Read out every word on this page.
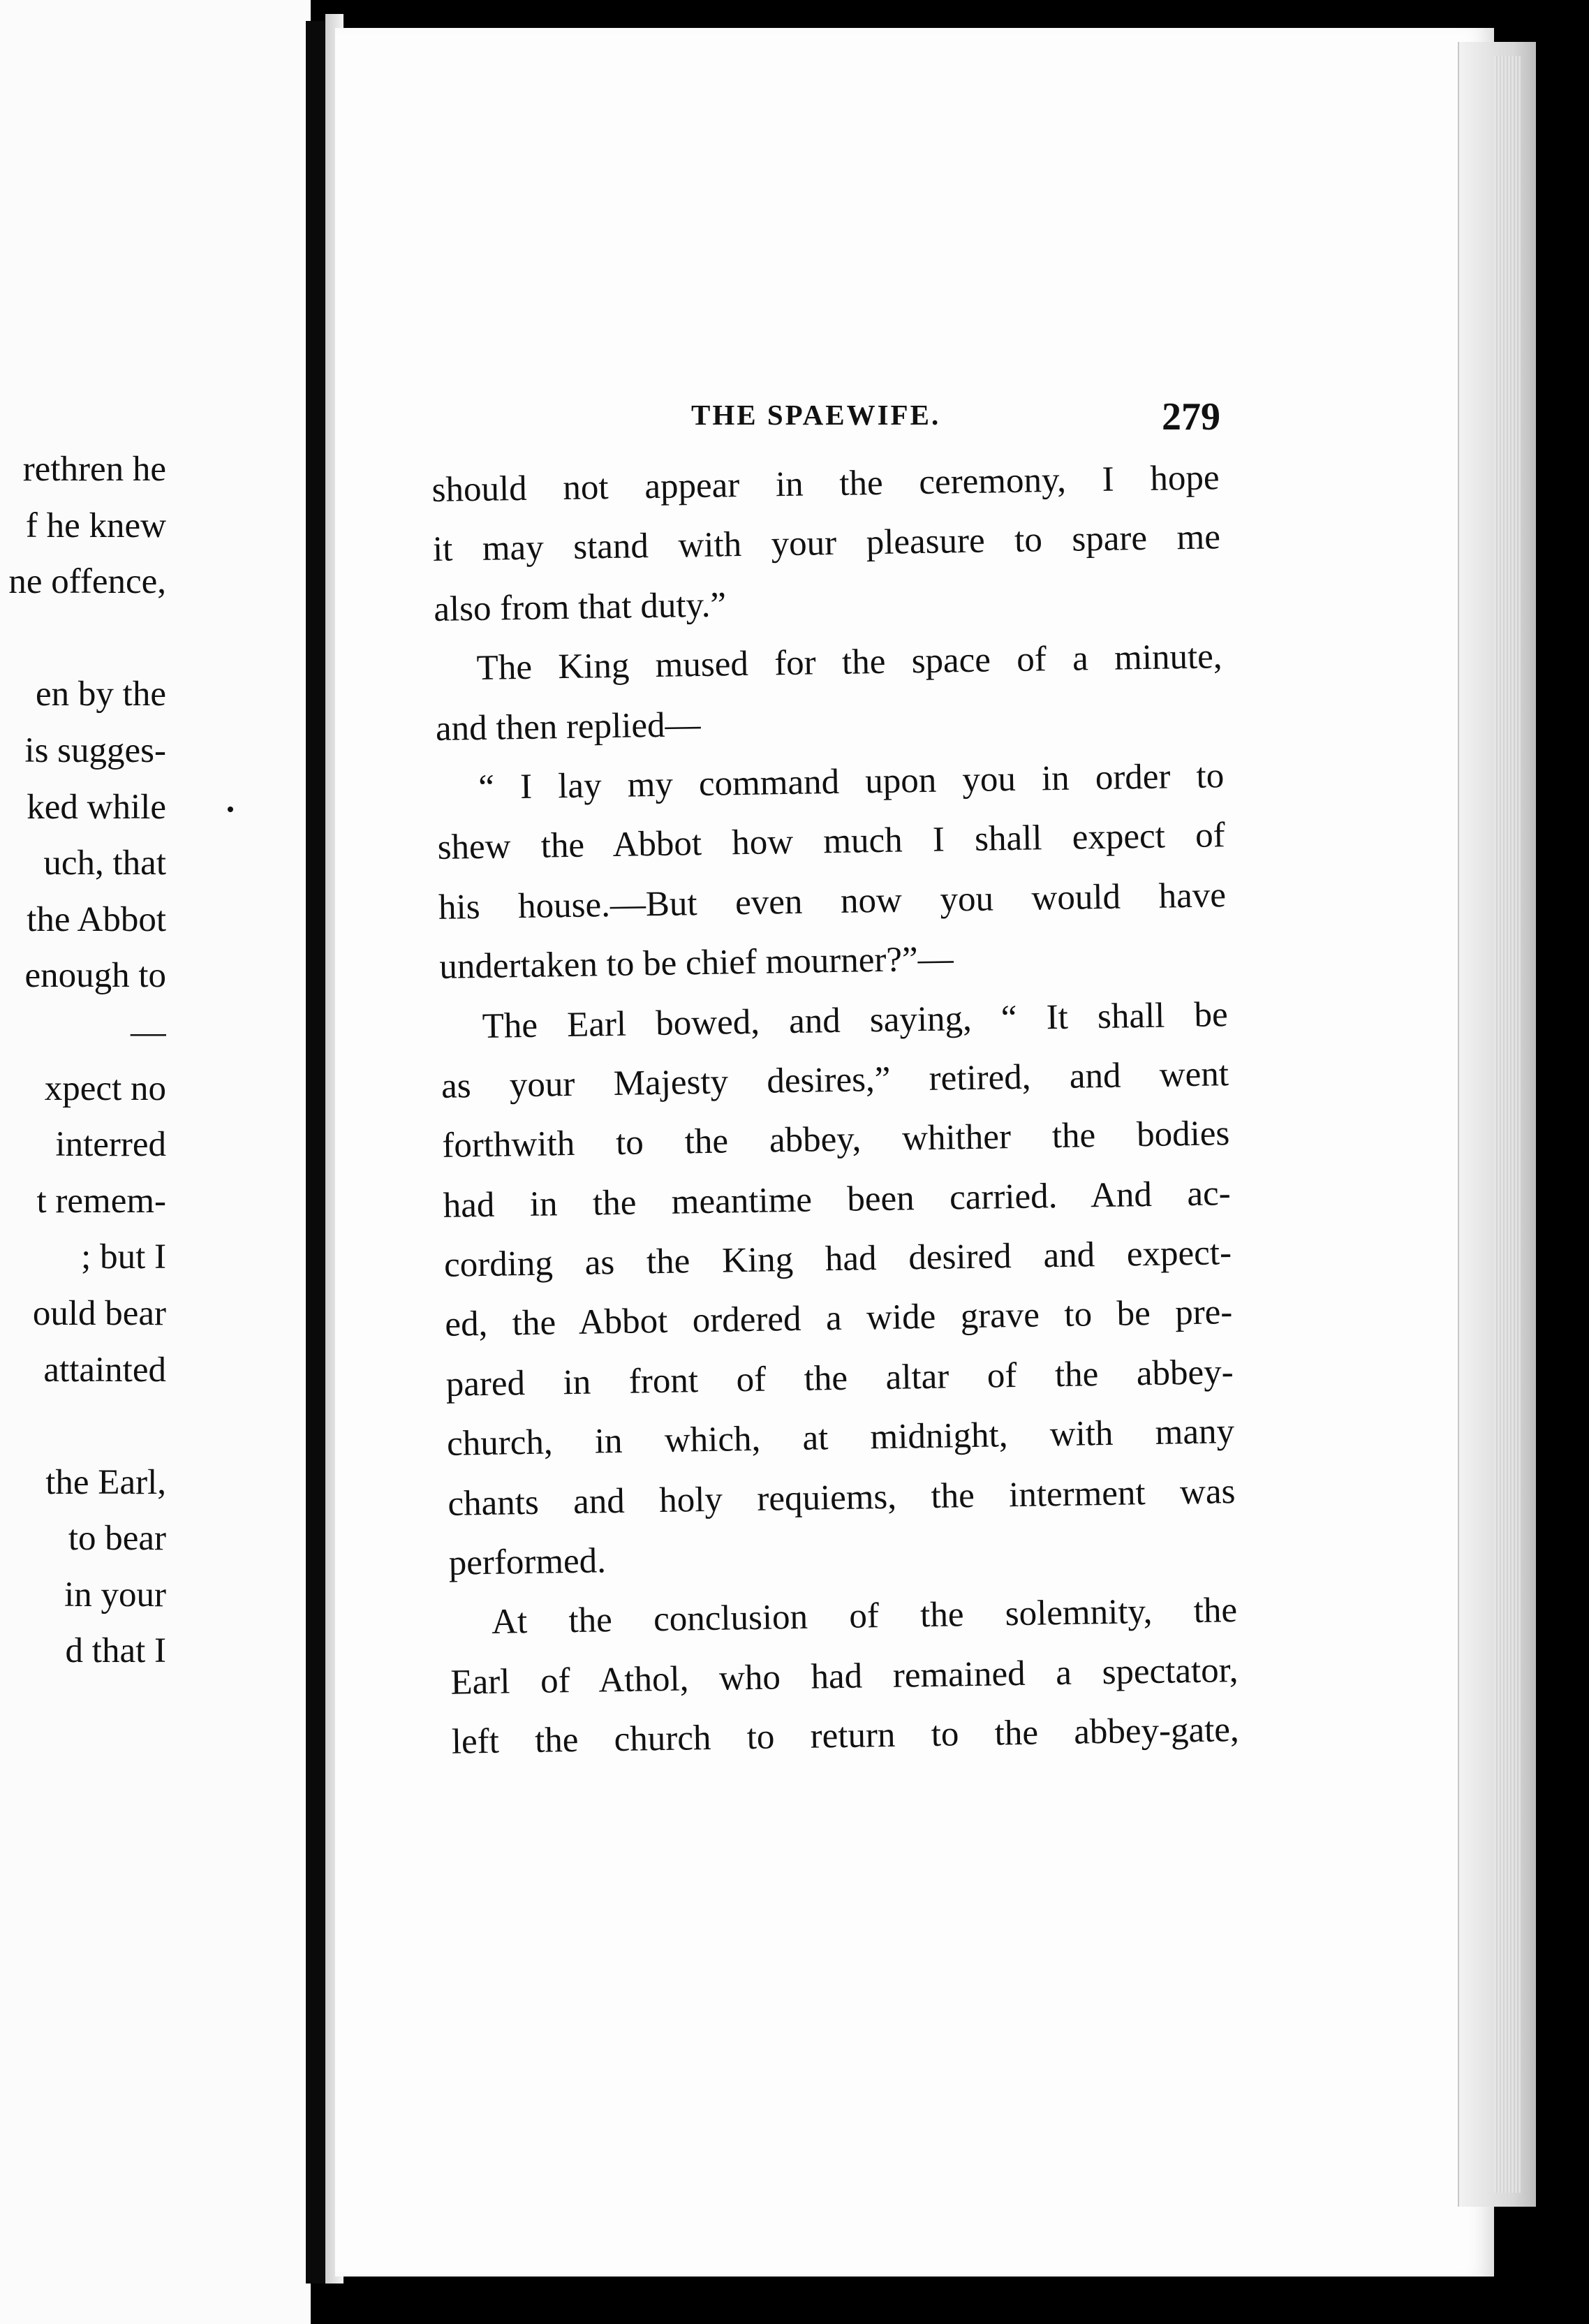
rethren he
f he knew
ne offence,
en by the
is sugges-
ked while
uch, that
the Abbot
enough to
—
xpect no
interred
t remem-
; but I
ould bear
attainted
the Earl,
to bear
in your
d that I
THE SPAEWIFE.	279
should not appear in the ceremony, I hope
it may stand with your pleasure to spare me
also from that duty.”
The King mused for the space of a minute,
and then replied—
“ I lay my command upon you in order to
shew the Abbot how much I shall expect of
his house.—But even now you would have
undertaken to be chief mourner?”—
The Earl bowed, and saying, “ It shall be
as your Majesty desires,” retired, and went
forthwith to the abbey, whither the bodies
had in the meantime been carried. And ac-
cording as the King had desired and expect-
ed, the Abbot ordered a wide grave to be pre-
pared in front of the altar of the abbey-
church, in which, at midnight, with many
chants and holy requiems, the interment was
performed.
At the conclusion of the solemnity, the
Earl of Athol, who had remained a spectator,
left the church to return to the abbey-gate,
